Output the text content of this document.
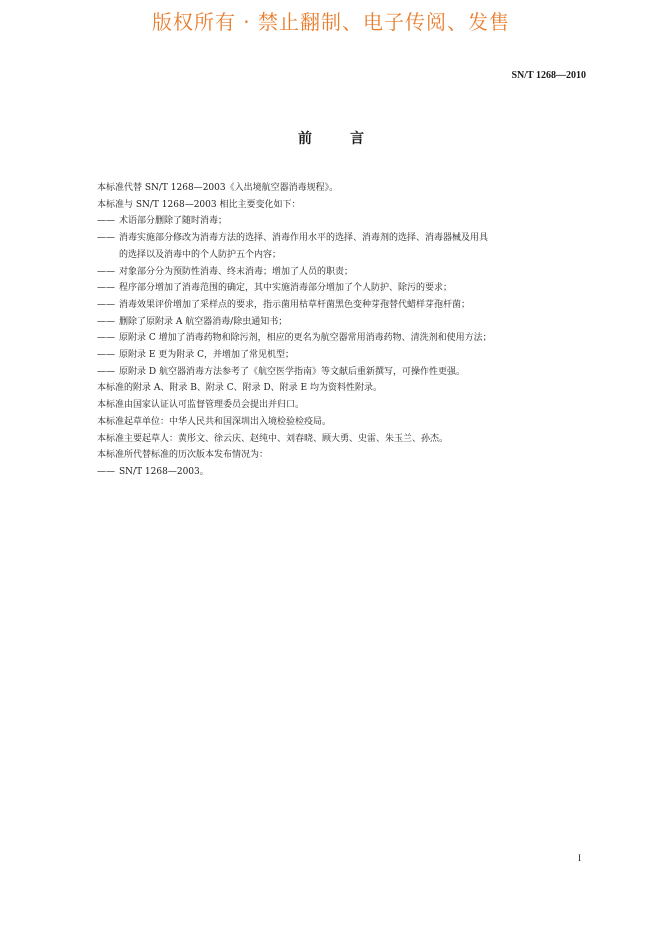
版权所有 · 禁止翻制、电子传阅、发售
SN/T 1268—2010
前言
本标准代替 SN/T 1268—2003《入出境航空器消毒规程》。
本标准与 SN/T 1268—2003 相比主要变化如下：
—— 术语部分删除了随时消毒；
—— 消毒实施部分修改为消毒方法的选择、消毒作用水平的选择、消毒剂的选择、消毒器械及用具
的选择以及消毒中的个人防护五个内容；
—— 对象部分分为预防性消毒、终末消毒；增加了人员的职责；
—— 程序部分增加了消毒范围的确定，其中实施消毒部分增加了个人防护、除污的要求；
—— 消毒效果评价增加了采样点的要求，指示菌用枯草杆菌黑色变种芽孢替代蜡样芽孢杆菌；
—— 删除了原附录 A 航空器消毒/除虫通知书；
—— 原附录 C 增加了消毒药物和除污剂，相应的更名为航空器常用消毒药物、清洗剂和使用方法；
—— 原附录 E 更为附录 C，并增加了常见机型；
—— 原附录 D 航空器消毒方法参考了《航空医学指南》等文献后重新撰写，可操作性更强。
本标准的附录 A、附录 B、附录 C、附录 D、附录 E 均为资料性附录。
本标准由国家认证认可监督管理委员会提出并归口。
本标准起草单位：中华人民共和国深圳出入境检验检疫局。
本标准主要起草人：黄彤文、徐云庆、赵纯中、刘春晓、顾大勇、史雷、朱玉兰、孙杰。
本标准所代替标准的历次版本发布情况为：
—— SN/T 1268—2003。
I
